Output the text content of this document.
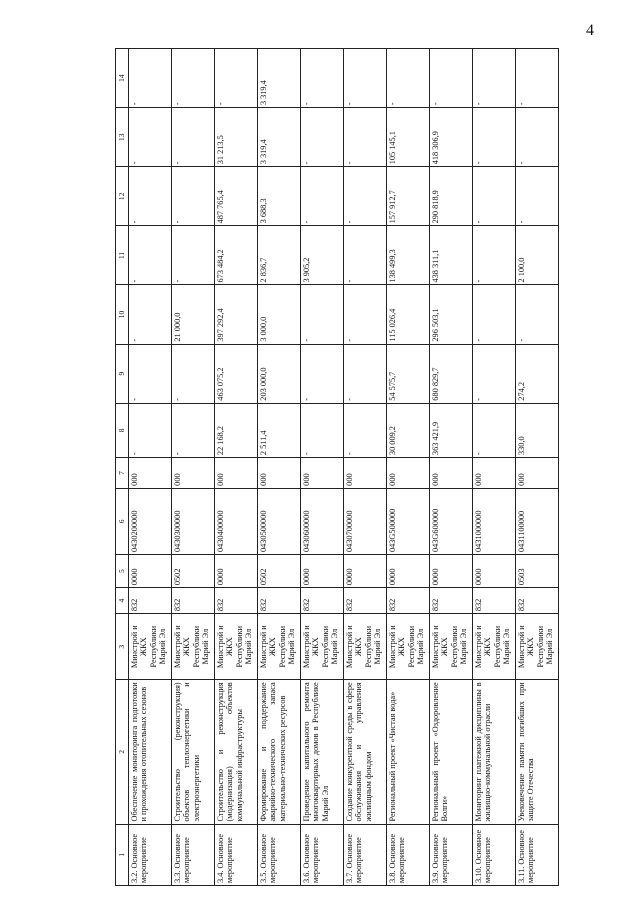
4
1	2	3	4	5	6	7	8	9	10	11	12	13	14
3.2. Основное мероприятие	Обеспечение мониторинга подготовки и прохождения отопительных сезонов	Минстрой и ЖКХ Республики Марий Эл	832	0000	0430200000	000	-	-	-	-	-	-	-
3.3. Основное мероприятие	Строительство (реконструкция) объектов теплоэнергетики и электроэнергетики	Минстрой и ЖКХ Республики Марий Эл	832	0502	0430300000	000	-	-	21 000,0	-	-	-	-
3.4. Основное мероприятие	Строительство и реконструкция (модернизация) объектов коммунальной инфраструктуры	Минстрой и ЖКХ Республики Марий Эл	832	0000	0430400000	000	22 168,2	463 075,2	397 292,4	673 484,2	487 765,4	31 213,5	-
3.5. Основное мероприятие	Формирование и поддержание аварийно-технического запаса материально-технических ресурсов	Минстрой и ЖКХ Республики Марий Эл	832	0502	0430500000	000	2 511,4	203 000,0	3 000,0	2 836,7	3 688,3	3 319,4	3 319,4
3.6. Основное мероприятие	Проведение капитального ремонта многоквартирных домов в Республике Марий Эл	Минстрой и ЖКХ Республики Марий Эл	832	0000	0430600000	000	-	-	-	3 905,2	-	-	-
3.7. Основное мероприятие	Создание конкурентной среды в сфере обслуживания и управления жилищным фондом	Минстрой и ЖКХ Республики Марий Эл	832	0000	0430700000	000	-	-	-	-	-	-	-
3.8. Основное мероприятие	Региональный проект «Чистая вода»	Минстрой и ЖКХ Республики Марий Эл	832	0000	043G500000	000	30 009,2	54 575,7	115 026,4	138 499,3	157 912,7	105 145,1	-
3.9. Основное мероприятие	Региональный проект «Оздоровление Волги»	Минстрой и ЖКХ Республики Марий Эл	832	0000	043G600000	000	363 421,9	680 829,7	296 503,1	438 311,1	290 818,9	418 306,9	-
3.10. Основное мероприятие	Мониторинг платежной дисциплины в жилищно-коммунальной отрасли	Минстрой и ЖКХ Республики Марий Эл	832	0000	0431000000	000	-	-	-	-	-	-	-
3.11. Основное мероприятие	Увековечение памяти погибших при защите Отечества	Минстрой и ЖКХ Республики Марий Эл	832	0503	0431100000	000	330,0	274,2	-	2 100,0	-	-	-
